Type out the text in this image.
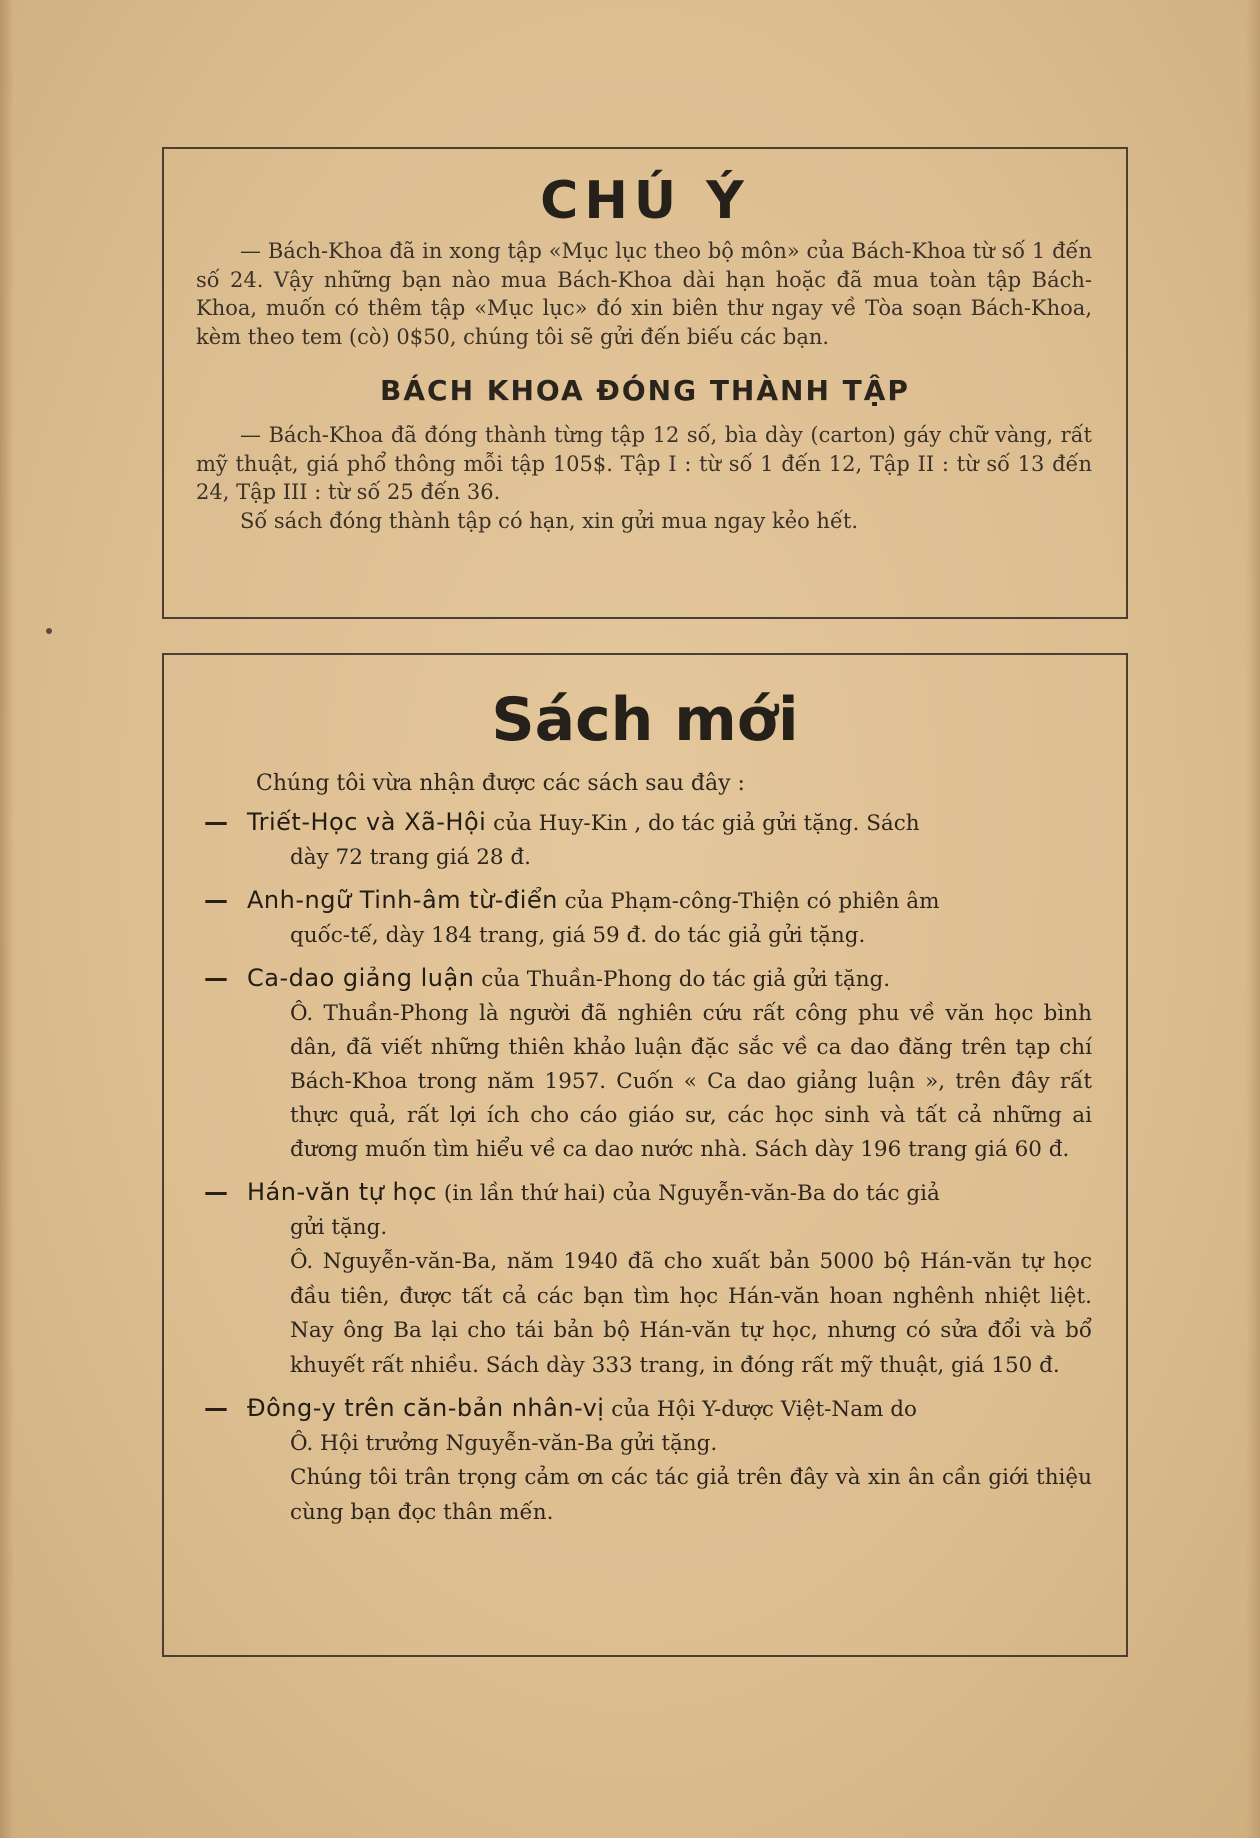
CHÚ Ý
— Bách-Khoa đã in xong tập «Mục lục theo bộ môn» của Bách-Khoa từ số 1 đến số 24. Vậy những bạn nào mua Bách-Khoa dài hạn hoặc đã mua toàn tập Bách-Khoa, muốn có thêm tập «Mục lục» đó xin biên thư ngay về Tòa soạn Bách-Khoa, kèm theo tem (cò) 0$50, chúng tôi sẽ gửi đến biếu các bạn.
BÁCH KHOA ĐÓNG THÀNH TẬP
— Bách-Khoa đã đóng thành từng tập 12 số, bìa dày (carton) gáy chữ vàng, rất mỹ thuật, giá phổ thông mỗi tập 105$. Tập I : từ số 1 đến 12, Tập II : từ số 13 đến 24, Tập III : từ số 25 đến 36.
Số sách đóng thành tập có hạn, xin gửi mua ngay kẻo hết.
Sách mới
Chúng tôi vừa nhận được các sách sau đây :
— Triết-Học và Xã-Hội của Huy-Kin , do tác giả gửi tặng. Sách
dày 72 trang giá 28 đ.
— Anh-ngữ Tinh-âm từ-điển của Phạm-công-Thiện có phiên âm
quốc-tế, dày 184 trang, giá 59 đ. do tác giả gửi tặng.
— Ca-dao giảng luận của Thuần-Phong do tác giả gửi tặng.
Ô. Thuần-Phong là người đã nghiên cứu rất công phu về văn học bình dân, đã viết những thiên khảo luận đặc sắc về ca dao đăng trên tạp chí Bách-Khoa trong năm 1957. Cuốn « Ca dao giảng luận », trên đây rất thực quả, rất lợi ích cho cáo giáo sư, các học sinh và tất cả những ai đương muốn tìm hiểu về ca dao nước nhà. Sách dày 196 trang giá 60 đ.
— Hán-văn tự học (in lần thứ hai) của Nguyễn-văn-Ba do tác giả
gửi tặng.
Ô. Nguyễn-văn-Ba, năm 1940 đã cho xuất bản 5000 bộ Hán-văn tự học đầu tiên, được tất cả các bạn tìm học Hán-văn hoan nghênh nhiệt liệt. Nay ông Ba lại cho tái bản bộ Hán-văn tự học, nhưng có sửa đổi và bổ khuyết rất nhiều. Sách dày 333 trang, in đóng rất mỹ thuật, giá 150 đ.
— Đông-y trên căn-bản nhân-vị của Hội Y-dược Việt-Nam do
Ô. Hội trưởng Nguyễn-văn-Ba gửi tặng.
Chúng tôi trân trọng cảm ơn các tác giả trên đây và xin ân cần giới thiệu cùng bạn đọc thân mến.
